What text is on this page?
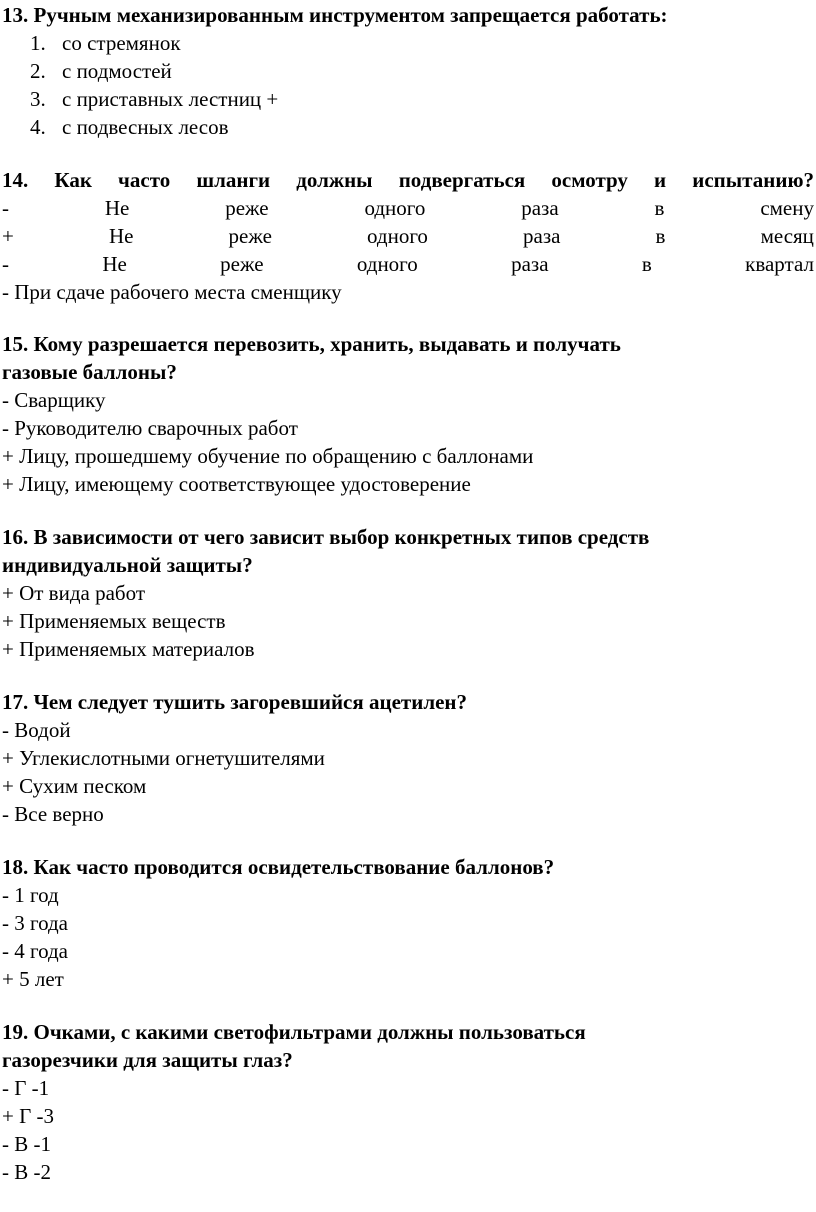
13. Ручным механизированным инструментом запрещается работать:
1. со стремянок
2. с подмостей
3. с приставных лестниц +
4. с подвесных лесов
14. Как часто шланги должны подвергаться осмотру и испытанию?
-	Не	реже	одного	раза	в	смену
+	Не	реже	одного	раза	в	месяц
-	Не	реже	одного	раза	в	квартал
- При сдаче рабочего места сменщику
15. Кому разрешается перевозить, хранить, выдавать и получать
газовые баллоны?
- Сварщику
- Руководителю сварочных работ
+ Лицу, прошедшему обучение по обращению с баллонами
+ Лицу, имеющему соответствующее удостоверение
16. В зависимости от чего зависит выбор конкретных типов средств
индивидуальной защиты?
+ От вида работ
+ Применяемых веществ
+ Применяемых материалов
17. Чем следует тушить загоревшийся ацетилен?
- Водой
+ Углекислотными огнетушителями
+ Сухим песком
- Все верно
18. Как часто проводится освидетельствование баллонов?
- 1 год
- 3 года
- 4 года
+ 5 лет
19. Очками, с какими светофильтрами должны пользоваться
газорезчики для защиты глаз?
- Г -1
+ Г -3
- В -1
- В -2
